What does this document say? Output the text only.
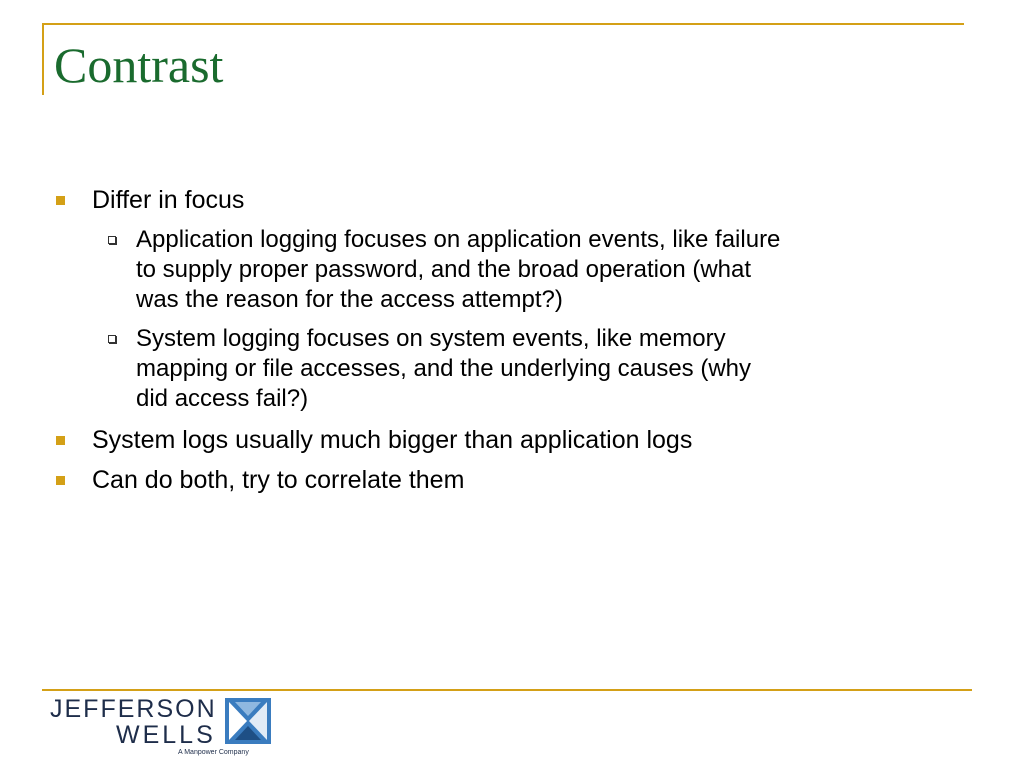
Contrast
Differ in focus
Application logging focuses on application events, like failure
to supply proper password, and the broad operation (what
was the reason for the access attempt?)
System logging focuses on system events, like memory
mapping or file accesses, and the underlying causes (why
did access fail?)
System logs usually much bigger than application logs
Can do both, try to correlate them
JEFFERSON
WELLS
A Manpower Company
